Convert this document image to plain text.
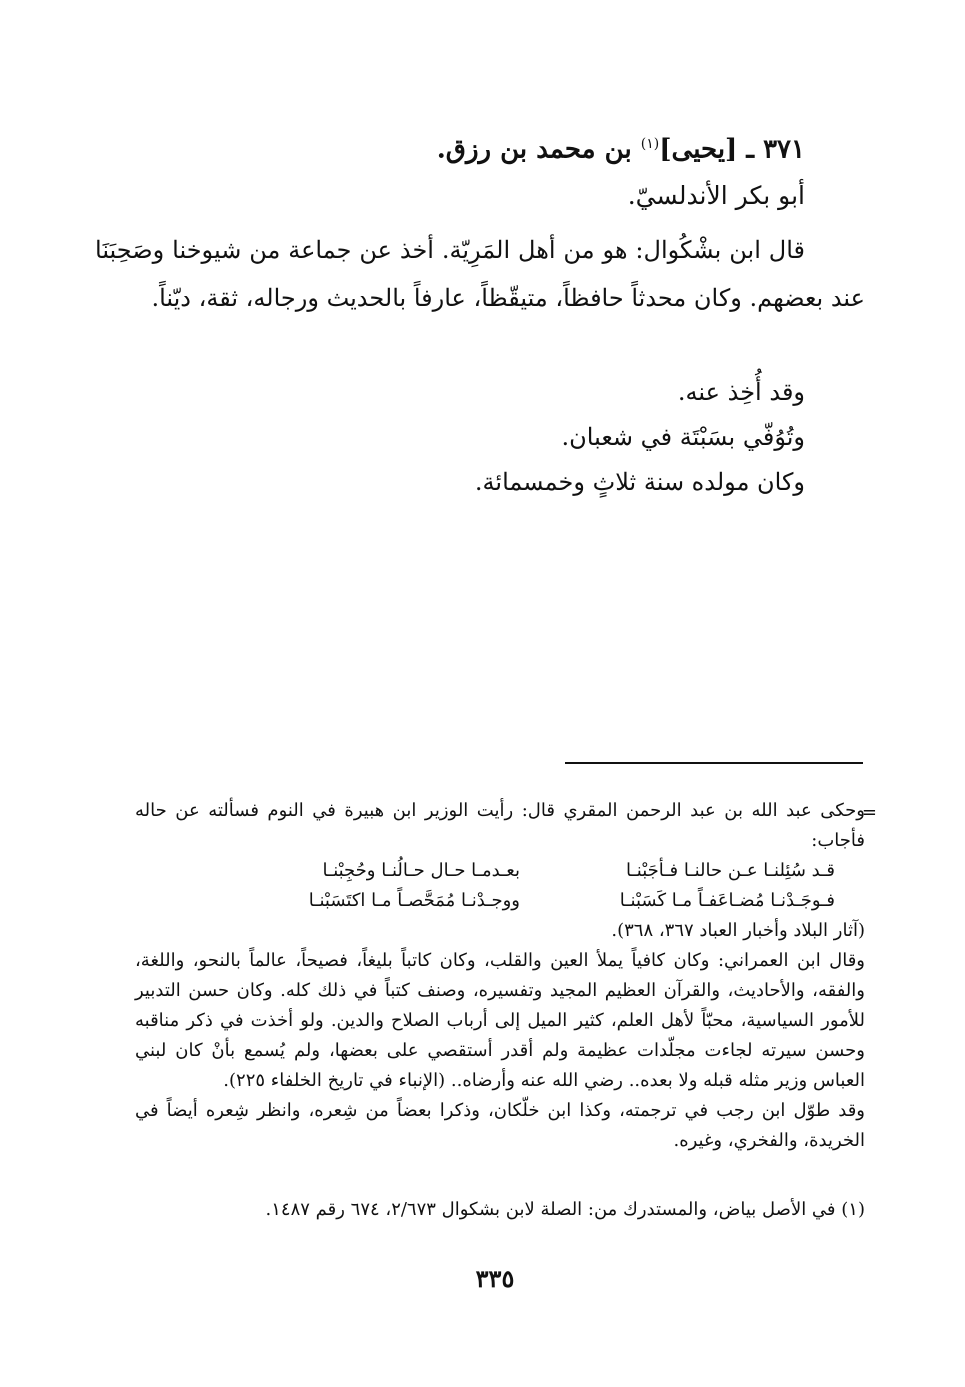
٣٧١ ـ [يحيى]$^{(١)}$ بن محمد بن رزق.
أبو بكر الأندلسيّ.
قال ابن بشْكُوال: هو من أهل المَرِيّة. أخذ عن جماعة من شيوخنا وصَحِبَنَا عند بعضهم. وكان محدثاً حافظاً، متيقّظاً، عارفاً بالحديث ورجاله، ثقة، ديّناً.
وقد أُخِذ عنه.
وتُوُفّي بسَبْتَة في شعبان.
وكان مولده سنة ثلاثٍ وخمسمائة.
=

وحكى عبد الله بن عبد الرحمن المقري قال: رأيت الوزير ابن هبيرة في النوم فسألته عن حاله فأجاب:

قـد سُئِلنـا عـن حالنـا فـأجَبْنـا
بعـدمـا حـال حـالُنـا وحُجِبْنـا
فـوجَـدْنـا مُضـاعَفـاً مـا كَسَبْنـا
ووجـدْنـا مُمَحَّصـاً مـا اكتَسَبْنـا

(آثار البلاد وأخبار العباد ٣٦٧، ٣٦٨).

وقال ابن العمراني: وكان كافياً يملأ العين والقلب، وكان كاتباً بليغاً، فصيحاً، عالماً بالنحو، واللغة، والفقه، والأحاديث، والقرآن العظيم المجيد وتفسيره، وصنف كتباً في ذلك كله. وكان حسن التدبير للأمور السياسية، محبّاً لأهل العلم، كثير الميل إلى أرباب الصلاح والدين. ولو أخذت في ذكر مناقبه وحسن سيرته لجاءت مجلّدات عظيمة ولم أقدر أستقصي على بعضها، ولم يُسمع بأنْ كان لبني العباس وزير مثله قبله ولا بعده.. رضي الله عنه وأرضاه.. (الإنباء في تاريخ الخلفاء ٢٢٥).

وقد طوّل ابن رجب في ترجمته، وكذا ابن خلّكان، وذكرا بعضاً من شِعره، وانظر شِعره أيضاً في الخريدة، والفخري، وغيره.

(١) في الأصل بياض، والمستدرك من: الصلة لابن بشكوال ٢/٦٧٣، ٦٧٤ رقم ١٤٨٧.
٣٣٥
